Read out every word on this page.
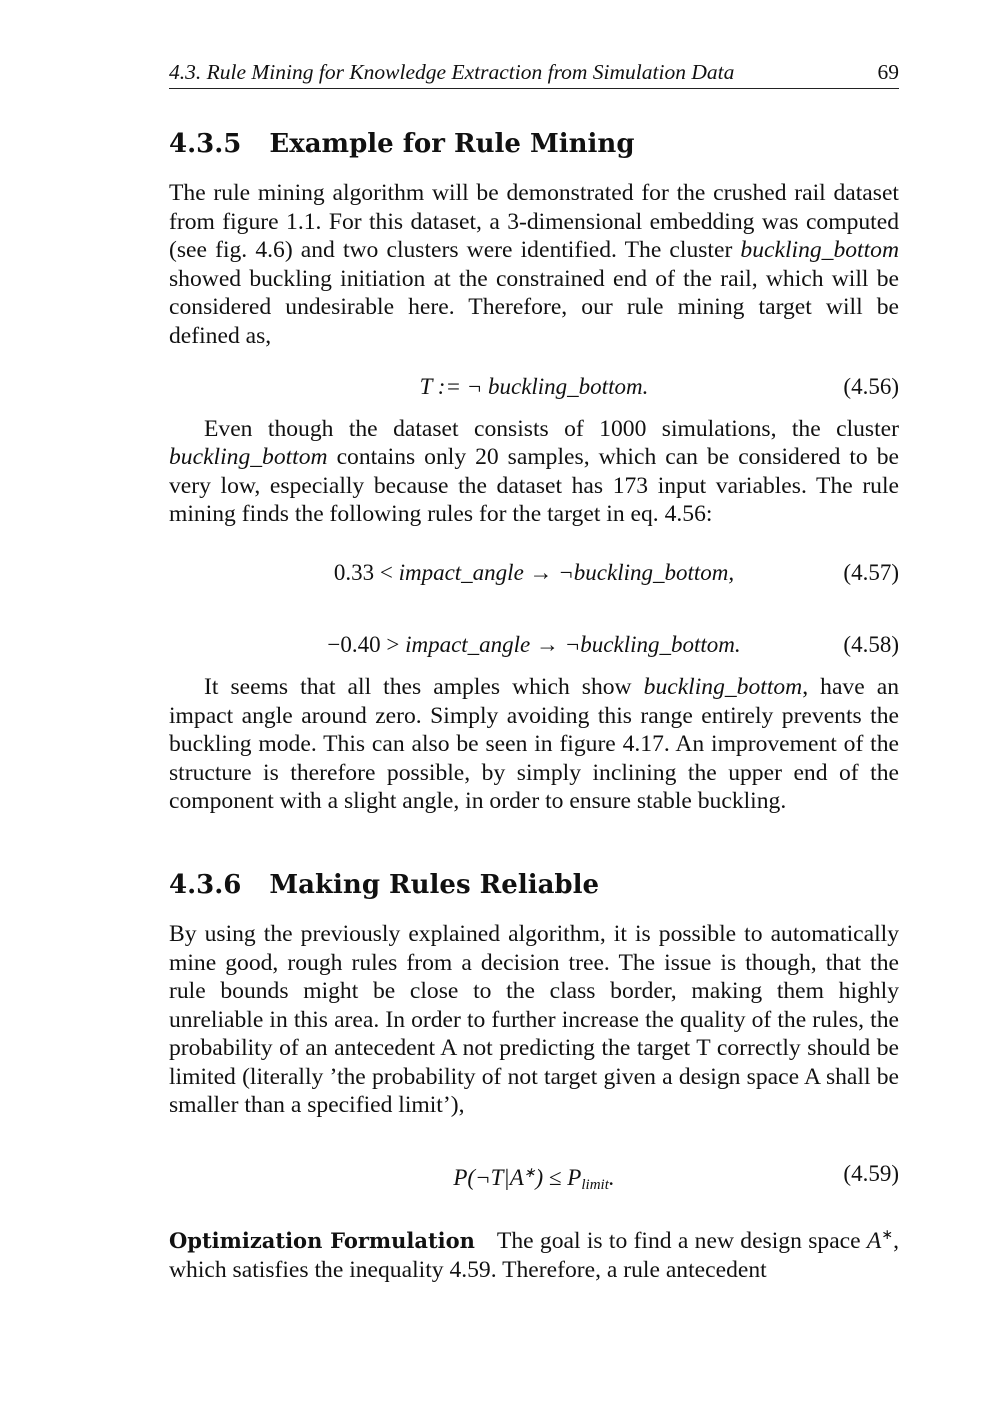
4.3. Rule Mining for Knowledge Extraction from Simulation Data	69
4.3.5 Example for Rule Mining

The rule mining algorithm will be demonstrated for the crushed rail dataset from figure 1.1. For this dataset, a 3-dimensional embedding was computed (see fig. 4.6) and two clusters were identified. The cluster buckling_bottom showed buckling initiation at the constrained end of the rail, which will be considered undesirable here. Therefore, our rule mining target will be defined as,

T := ¬ buckling_bottom.	(4.56)

Even though the dataset consists of 1000 simulations, the cluster buckling_bottom contains only 20 samples, which can be considered to be very low, especially because the dataset has 173 input variables. The rule mining finds the following rules for the target in eq. 4.56:

0.33 < impact_angle → ¬buckling_bottom,	(4.57)
−0.40 > impact_angle → ¬buckling_bottom.	(4.58)

It seems that all thes amples which show buckling_bottom, have an impact angle around zero. Simply avoiding this range entirely prevents the buckling mode. This can also be seen in figure 4.17. An improvement of the structure is therefore possible, by simply inclining the upper end of the component with a slight angle, in order to ensure stable buckling.

4.3.6 Making Rules Reliable

By using the previously explained algorithm, it is possible to automatically mine good, rough rules from a decision tree. The issue is though, that the rule bounds might be close to the class border, making them highly unreliable in this area. In order to further increase the quality of the rules, the probability of an antecedent A not predicting the target T correctly should be limited (literally ’the probability of not target given a design space A shall be smaller than a specified limit’),

P(¬T|A∗) ≤ $P_{limit}$.	(4.59)

Optimization Formulation The goal is to find a new design space A∗, which satisfies the inequality 4.59. Therefore, a rule antecedent
